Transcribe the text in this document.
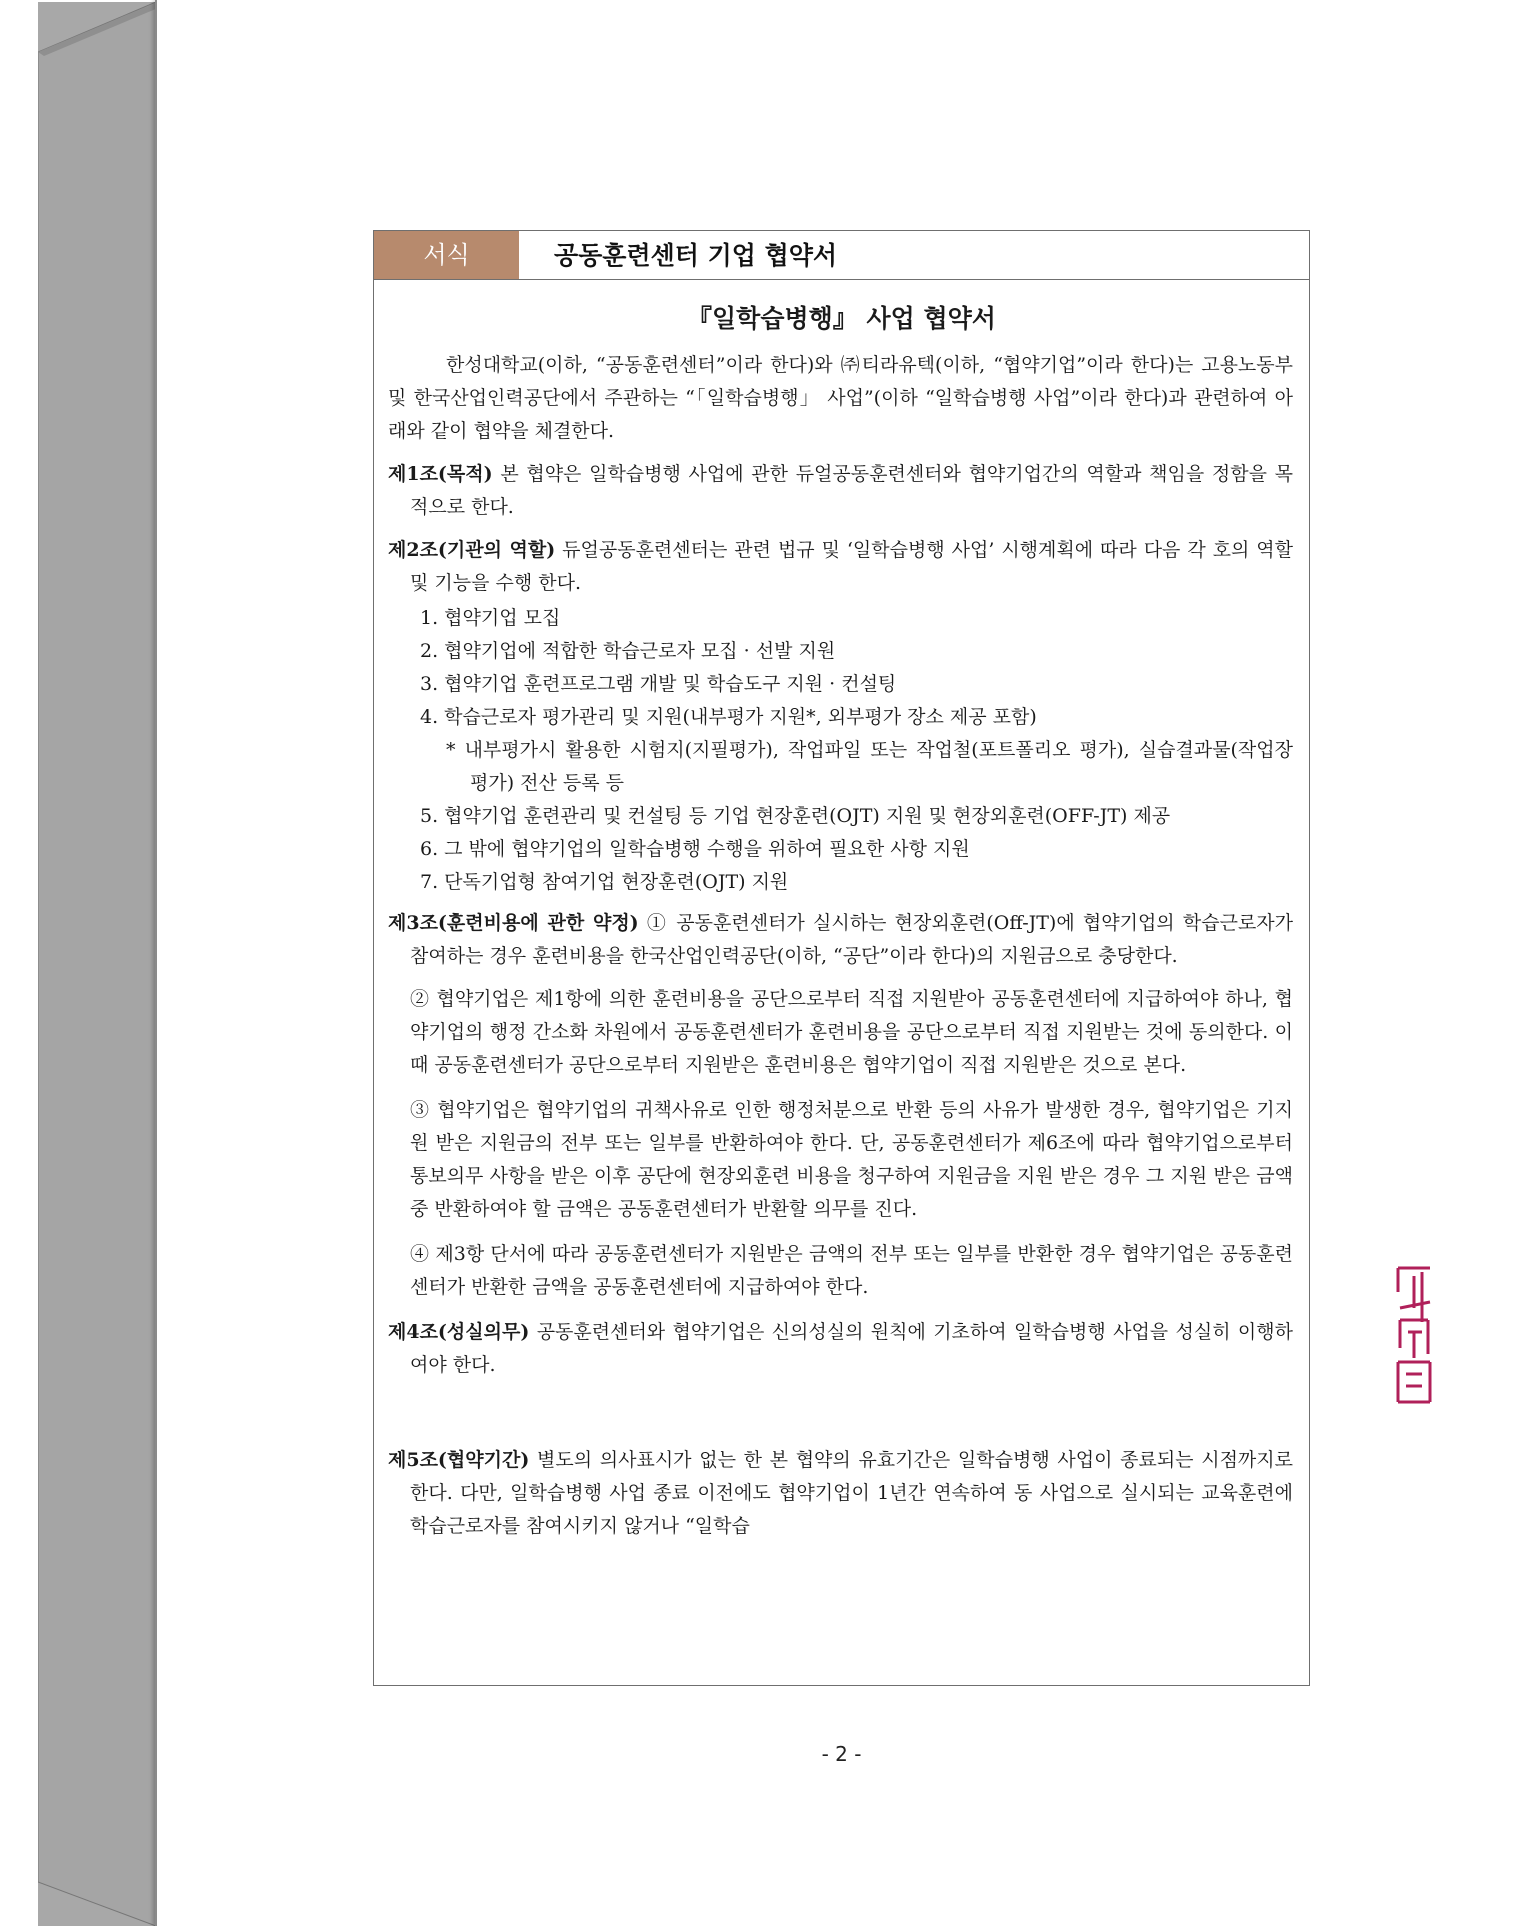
서식	공동훈련센터 기업 협약서
『일학습병행』 사업 협약서

한성대학교(이하, “공동훈련센터”이라 한다)와 ㈜티라유텍(이하, “협약기업”이라 한다)는 고용노동부 및 한국산업인력공단에서 주관하는 “「일학습병행」 사업”(이하 “일학습병행 사업”이라 한다)과 관련하여 아래와 같이 협약을 체결한다.

제1조(목적) 본 협약은 일학습병행 사업에 관한 듀얼공동훈련센터와 협약기업간의 역할과 책임을 정함을 목적으로 한다.

제2조(기관의 역할) 듀얼공동훈련센터는 관련 법규 및 ‘일학습병행 사업’ 시행계획에 따라 다음 각 호의 역할 및 기능을 수행 한다.

1. 협약기업 모집
2. 협약기업에 적합한 학습근로자 모집 · 선발 지원
3. 협약기업 훈련프로그램 개발 및 학습도구 지원 · 컨설팅
4. 학습근로자 평가관리 및 지원(내부평가 지원*, 외부평가 장소 제공 포함)

* 내부평가시 활용한 시험지(지필평가), 작업파일 또는 작업철(포트폴리오 평가), 실습결과물(작업장 평가) 전산 등록 등

5. 협약기업 훈련관리 및 컨설팅 등 기업 현장훈련(OJT) 지원 및 현장외훈련(OFF-JT) 제공
6. 그 밖에 협약기업의 일학습병행 수행을 위하여 필요한 사항 지원
7. 단독기업형 참여기업 현장훈련(OJT) 지원

제3조(훈련비용에 관한 약정) ① 공동훈련센터가 실시하는 현장외훈련(Off-JT)에 협약기업의 학습근로자가 참여하는 경우 훈련비용을 한국산업인력공단(이하, “공단”이라 한다)의 지원금으로 충당한다.

② 협약기업은 제1항에 의한 훈련비용을 공단으로부터 직접 지원받아 공동훈련센터에 지급하여야 하나, 협약기업의 행정 간소화 차원에서 공동훈련센터가 훈련비용을 공단으로부터 직접 지원받는 것에 동의한다. 이 때 공동훈련센터가 공단으로부터 지원받은 훈련비용은 협약기업이 직접 지원받은 것으로 본다.

③ 협약기업은 협약기업의 귀책사유로 인한 행정처분으로 반환 등의 사유가 발생한 경우, 협약기업은 기지원 받은 지원금의 전부 또는 일부를 반환하여야 한다. 단, 공동훈련센터가 제6조에 따라 협약기업으로부터 통보의무 사항을 받은 이후 공단에 현장외훈련 비용을 청구하여 지원금을 지원 받은 경우 그 지원 받은 금액 중 반환하여야 할 금액은 공동훈련센터가 반환할 의무를 진다.

④ 제3항 단서에 따라 공동훈련센터가 지원받은 금액의 전부 또는 일부를 반환한 경우 협약기업은 공동훈련센터가 반환한 금액을 공동훈련센터에 지급하여야 한다.

제4조(성실의무) 공동훈련센터와 협약기업은 신의성실의 원칙에 기초하여 일학습병행 사업을 성실히 이행하여야 한다.

제5조(협약기간) 별도의 의사표시가 없는 한 본 협약의 유효기간은 일학습병행 사업이 종료되는 시점까지로 한다. 다만, 일학습병행 사업 종료 이전에도 협약기업이 1년간 연속하여 동 사업으로 실시되는 교육훈련에 학습근로자를 참여시키지 않거나 “일학습

- 2 -
